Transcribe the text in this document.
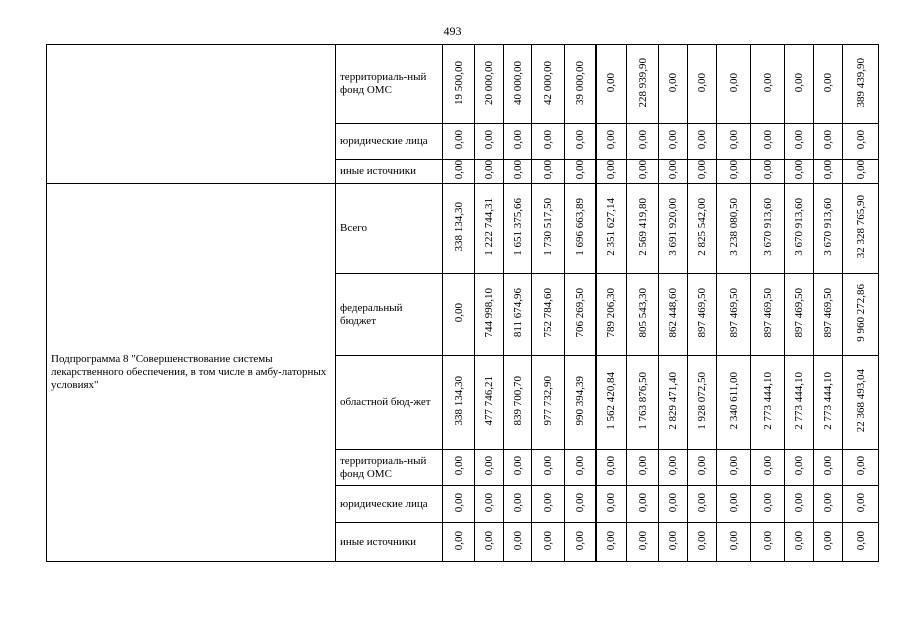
493
	территориаль-ный фонд ОМС	19 500,00	20 000,00	40 000,00	42 000,00	39 000,00	0,00	228 939,90	0,00	0,00	0,00	0,00	0,00	0,00	389 439,90
	юридические лица	0,00	0,00	0,00	0,00	0,00	0,00	0,00	0,00	0,00	0,00	0,00	0,00	0,00	0,00
	иные источники	0,00	0,00	0,00	0,00	0,00	0,00	0,00	0,00	0,00	0,00	0,00	0,00	0,00	0,00
Подпрограмма 8 "Совершенствование системы лекарственного обеспечения, в том числе в амбу-латорных условиях"	Всего	338 134,30	1 222 744,31	1 651 375,66	1 730 517,50	1 696 663,89	2 351 627,14	2 569 419,80	3 691 920,00	2 825 542,00	3 238 080,50	3 670 913,60	3 670 913,60	3 670 913,60	32 328 765,90
	федеральный бюджет	0,00	744 998,10	811 674,96	752 784,60	706 269,50	789 206,30	805 543,30	862 448,60	897 469,50	897 469,50	897 469,50	897 469,50	897 469,50	9 960 272,86
	областной бюд-жет	338 134,30	477 746,21	839 700,70	977 732,90	990 394,39	1 562 420,84	1 763 876,50	2 829 471,40	1 928 072,50	2 340 611,00	2 773 444,10	2 773 444,10	2 773 444,10	22 368 493,04
	территориаль-ный фонд ОМС	0,00	0,00	0,00	0,00	0,00	0,00	0,00	0,00	0,00	0,00	0,00	0,00	0,00	0,00
	юридические лица	0,00	0,00	0,00	0,00	0,00	0,00	0,00	0,00	0,00	0,00	0,00	0,00	0,00	0,00
	иные источники	0,00	0,00	0,00	0,00	0,00	0,00	0,00	0,00	0,00	0,00	0,00	0,00	0,00	0,00
